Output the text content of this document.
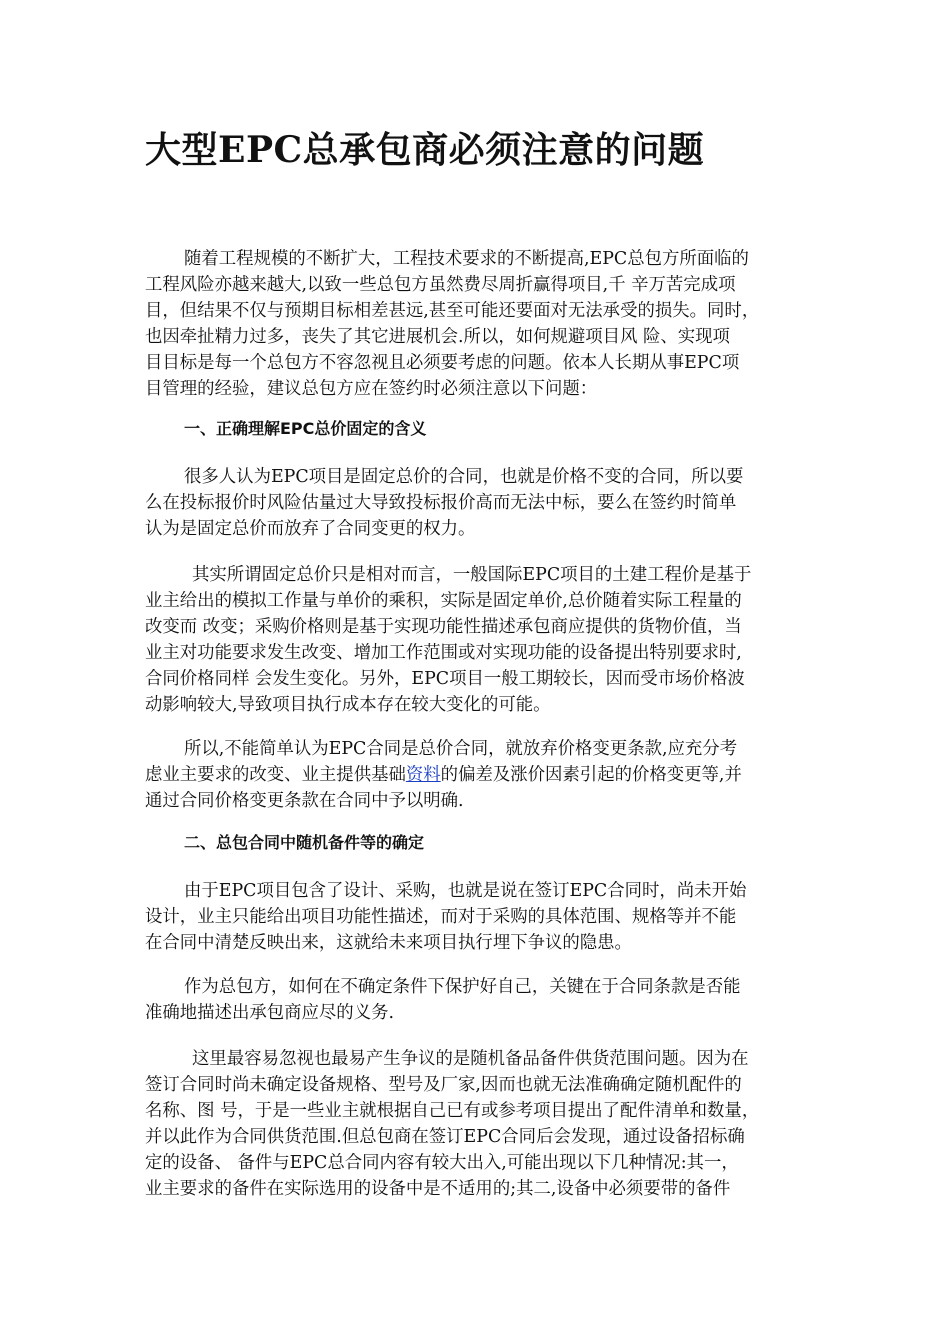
大型EPC总承包商必须注意的问题

随着工程规模的不断扩大，工程技术要求的不断提高,EPC总包方所面临的

工程风险亦越来越大,以致一些总包方虽然费尽周折赢得项目,千 辛万苦完成项

目，但结果不仅与预期目标相差甚远,甚至可能还要面对无法承受的损失。同时，

也因牵扯精力过多，丧失了其它进展机会.所以，如何规避项目风 险、实现项

目目标是每一个总包方不容忽视且必须要考虑的问题。依本人长期从事EPC项

目管理的经验，建议总包方应在签约时必须注意以下问题：

一、正确理解EPC总价固定的含义

很多人认为EPC项目是固定总价的合同，也就是价格不变的合同，所以要

么在投标报价时风险估量过大导致投标报价高而无法中标，要么在签约时简单

认为是固定总价而放弃了合同变更的权力。

其实所谓固定总价只是相对而言，一般国际EPC项目的土建工程价是基于

业主给出的模拟工作量与单价的乘积，实际是固定单价,总价随着实际工程量的

改变而 改变；采购价格则是基于实现功能性描述承包商应提供的货物价值，当

业主对功能要求发生改变、增加工作范围或对实现功能的设备提出特别要求时,

合同价格同样 会发生变化。另外，EPC项目一般工期较长，因而受市场价格波

动影响较大,导致项目执行成本存在较大变化的可能。

所以,不能简单认为EPC合同是总价合同，就放弃价格变更条款,应充分考

虑业主要求的改变、业主提供基础资料的偏差及涨价因素引起的价格变更等,并

通过合同价格变更条款在合同中予以明确.

二、总包合同中随机备件等的确定

由于EPC项目包含了设计、采购，也就是说在签订EPC合同时，尚未开始

设计，业主只能给出项目功能性描述，而对于采购的具体范围、规格等并不能

在合同中清楚反映出来，这就给未来项目执行埋下争议的隐患。

作为总包方，如何在不确定条件下保护好自己，关键在于合同条款是否能

准确地描述出承包商应尽的义务.

这里最容易忽视也最易产生争议的是随机备品备件供货范围问题。因为在

签订合同时尚未确定设备规格、型号及厂家,因而也就无法准确确定随机配件的

名称、图 号，于是一些业主就根据自己已有或参考项目提出了配件清单和数量，

并以此作为合同供货范围.但总包商在签订EPC合同后会发现，通过设备招标确

定的设备、 备件与EPC总合同内容有较大出入,可能出现以下几种情况:其一，

业主要求的备件在实际选用的设备中是不适用的;其二,设备中必须要带的备件
